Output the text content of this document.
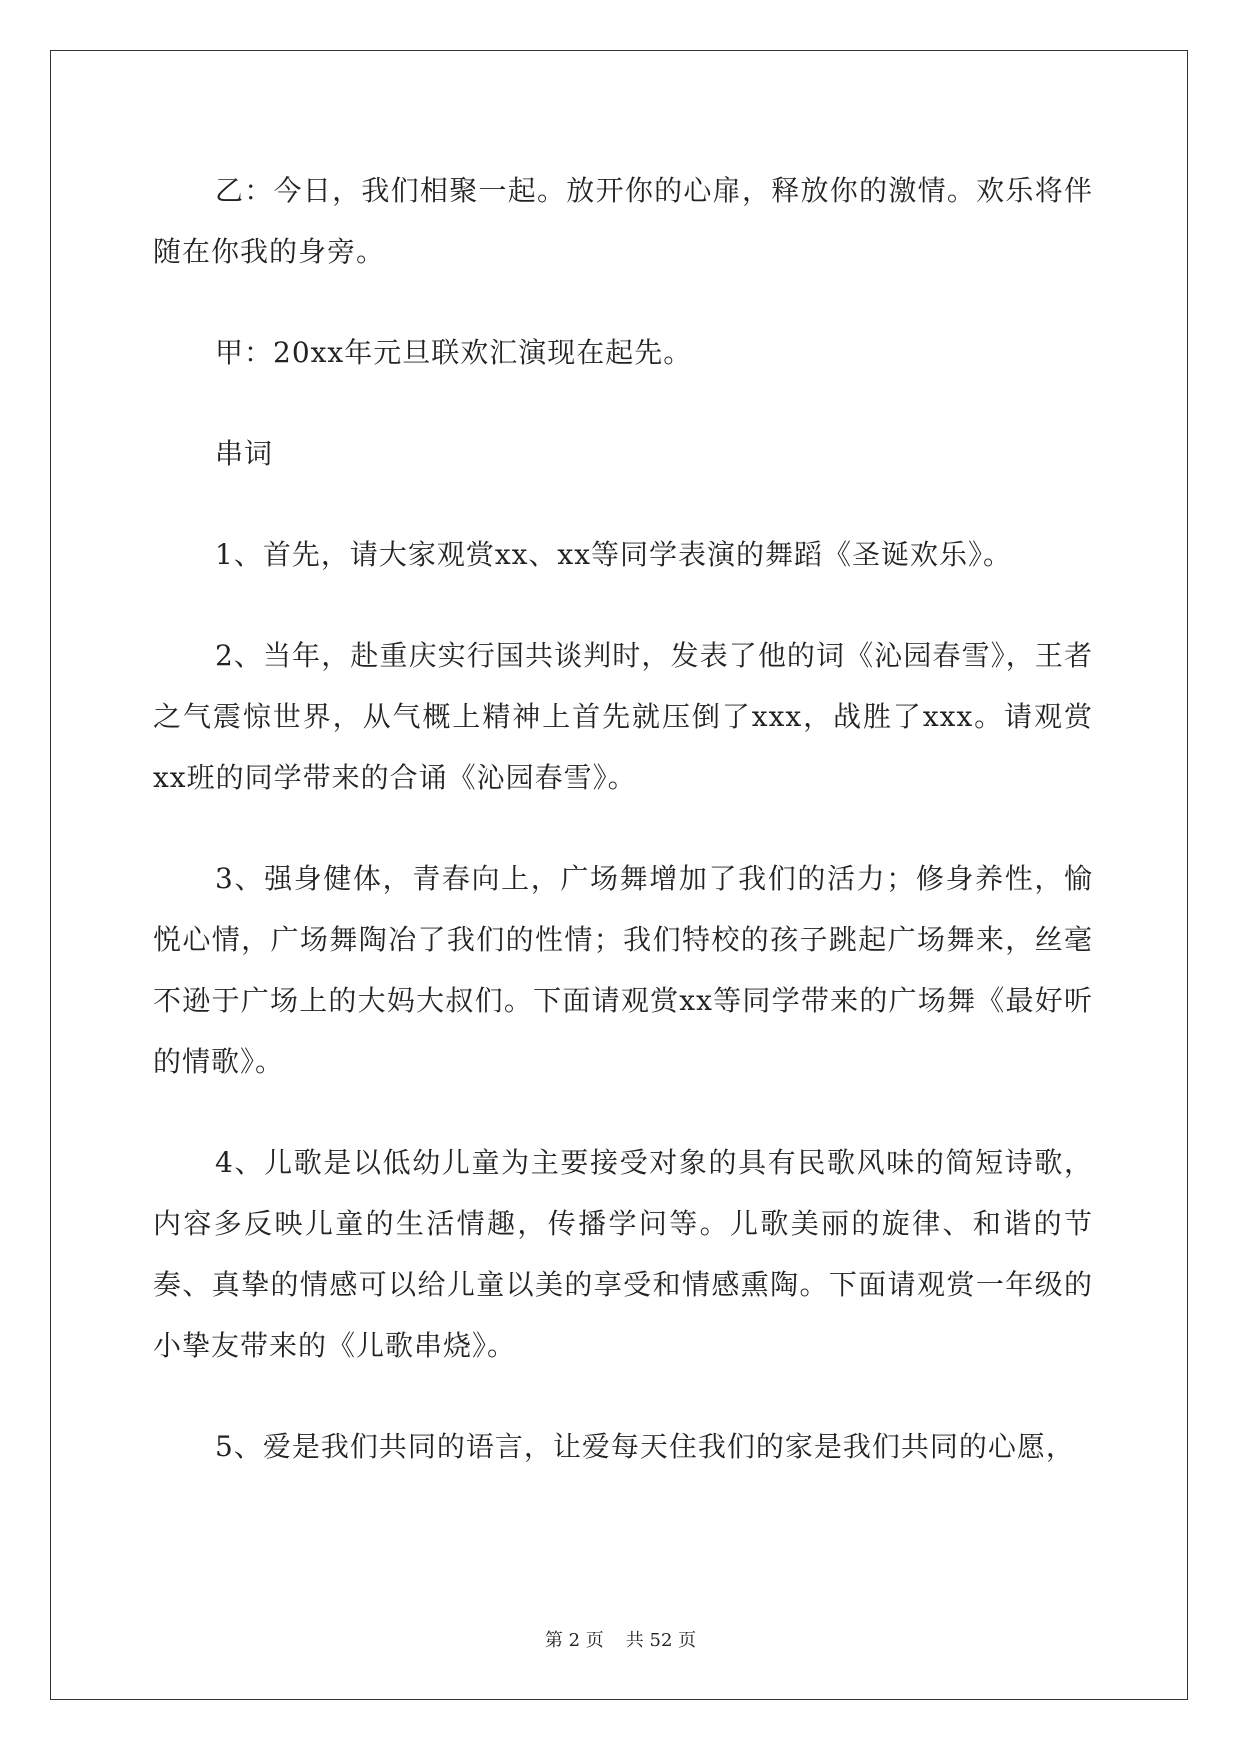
乙：今日，我们相聚一起。放开你的心扉，释放你的激情。欢乐将伴随在你我的身旁。

甲：20xx年元旦联欢汇演现在起先。

串词

1、首先，请大家观赏xx、xx等同学表演的舞蹈《圣诞欢乐》。

2、当年，赴重庆实行国共谈判时，发表了他的词《沁园春雪》，王者之气震惊世界，从气概上精神上首先就压倒了xxx，战胜了xxx。请观赏xx班的同学带来的合诵《沁园春雪》。

3、强身健体，青春向上，广场舞增加了我们的活力；修身养性，愉悦心情，广场舞陶冶了我们的性情；我们特校的孩子跳起广场舞来，丝毫不逊于广场上的大妈大叔们。下面请观赏xx等同学带来的广场舞《最好听的情歌》。

4、儿歌是以低幼儿童为主要接受对象的具有民歌风味的简短诗歌，内容多反映儿童的生活情趣，传播学问等。儿歌美丽的旋律、和谐的节奏、真挚的情感可以给儿童以美的享受和情感熏陶。下面请观赏一年级的小挚友带来的《儿歌串烧》。

5、爱是我们共同的语言，让爱每天住我们的家是我们共同的心愿，

第 2 页 共 52 页
